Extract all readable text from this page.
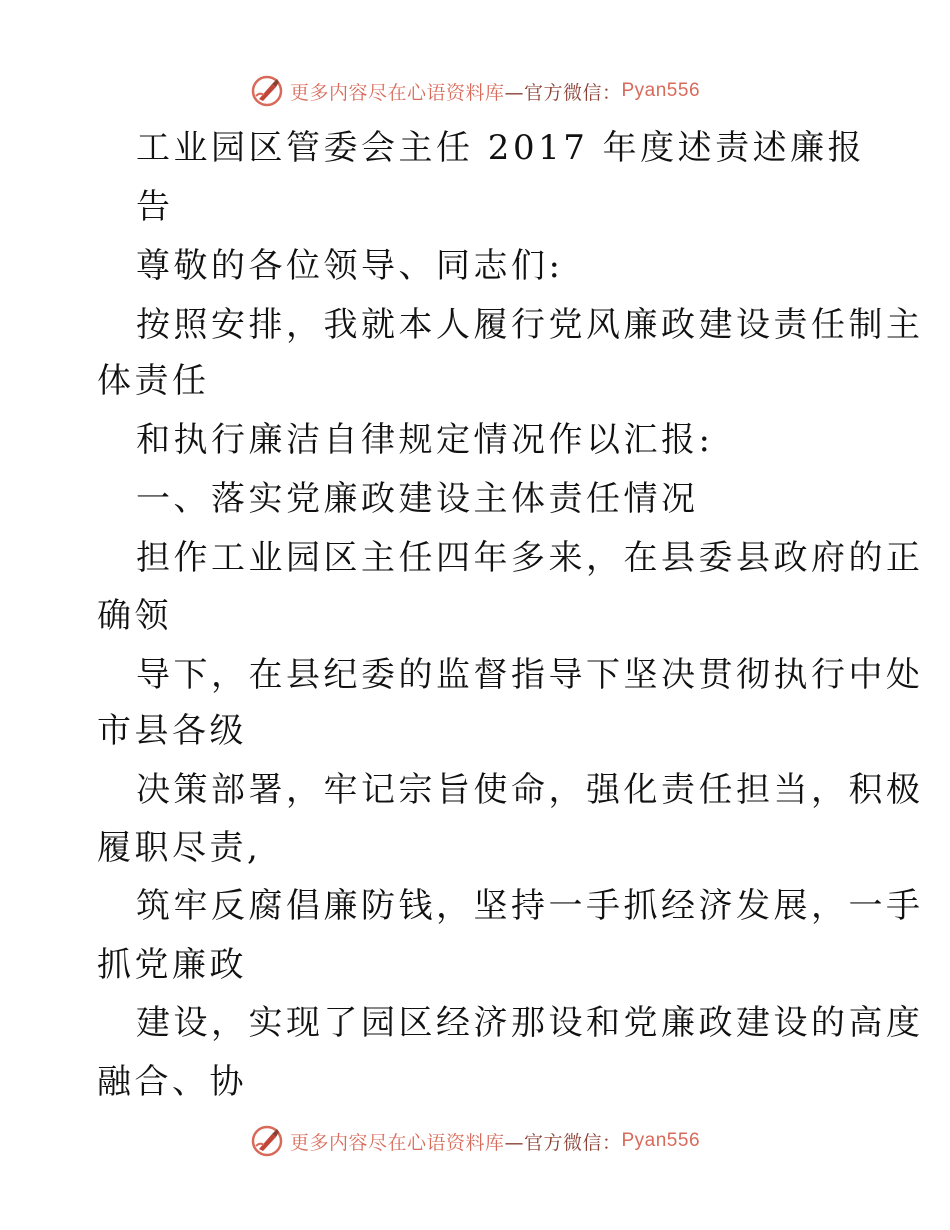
更多内容尽在心语资料库 —官方微信： Pyan556
工业园区管委会主任 2017 年度述责述廉报
告
尊敬的各位领导、同志们:
按照安排，我就本人履行党风廉政建设责任制主
体责任
和执行廉洁自律规定情况作以汇报:
一、落实党廉政建设主体责任情况
担作工业园区主任四年多来，在县委县政府的正
确领
导下，在县纪委的监督指导下坚决贯彻执行中处
市县各级
决策部署，牢记宗旨使命，强化责任担当，积极
履职尽责,
筑牢反腐倡廉防钱，坚持一手抓经济发展，一手
抓党廉政
建设，实现了园区经济那设和党廉政建设的高度
融合、协
更多内容尽在心语资料库 —官方微信： Pyan556
